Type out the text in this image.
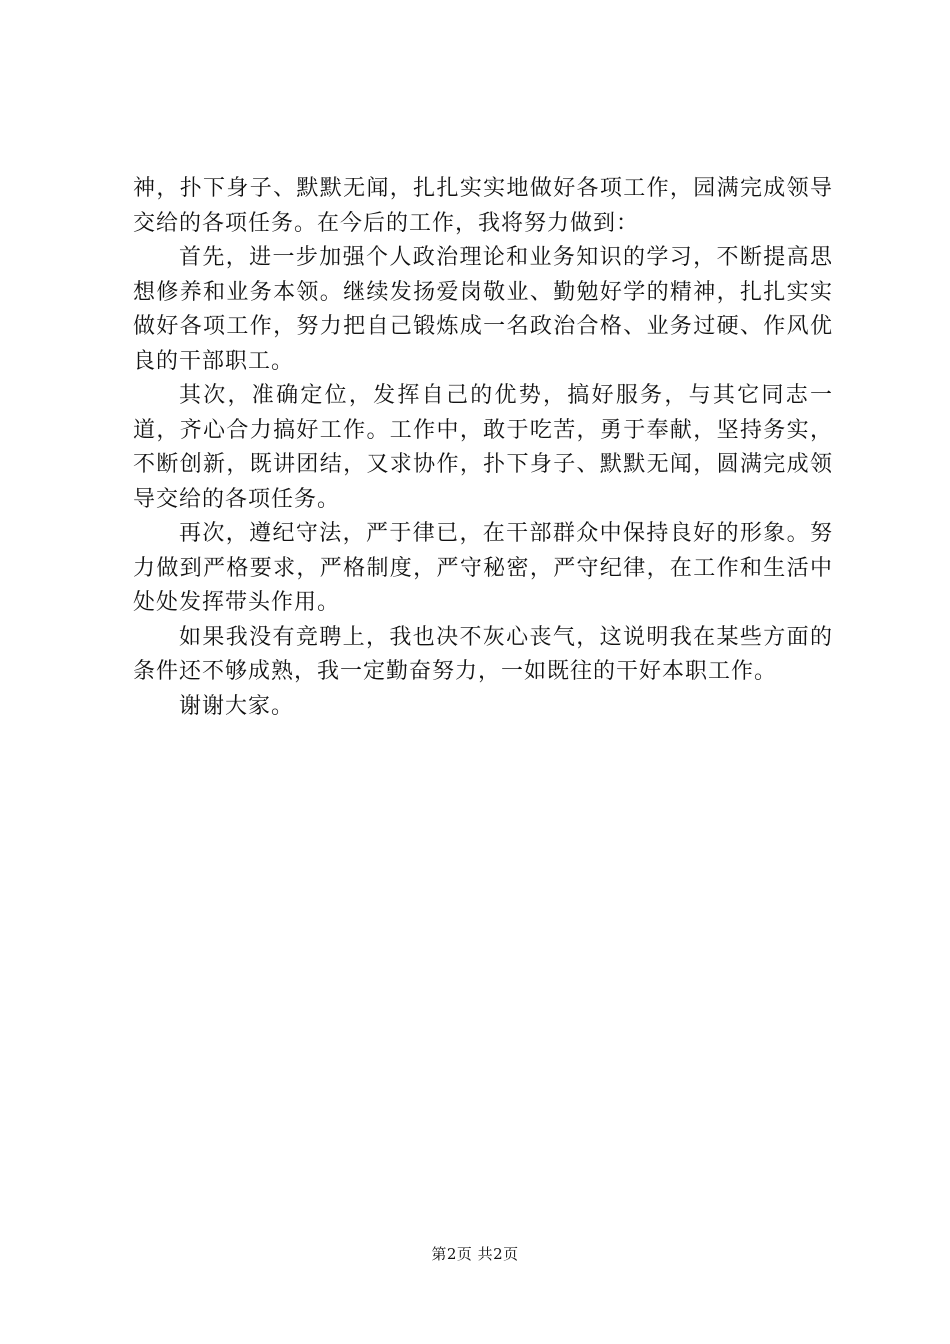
神，扑下身子、默默无闻，扎扎实实地做好各项工作，园满完成领导交给的各项任务。在今后的工作，我将努力做到：

首先，进一步加强个人政治理论和业务知识的学习，不断提高思想修养和业务本领。继续发扬爱岗敬业、勤勉好学的精神，扎扎实实做好各项工作，努力把自己锻炼成一名政治合格、业务过硬、作风优良的干部职工。

其次，准确定位，发挥自己的优势，搞好服务，与其它同志一道，齐心合力搞好工作。工作中，敢于吃苦，勇于奉献，坚持务实，不断创新，既讲团结，又求协作，扑下身子、默默无闻，圆满完成领导交给的各项任务。

再次，遵纪守法，严于律已，在干部群众中保持良好的形象。努力做到严格要求，严格制度，严守秘密，严守纪律，在工作和生活中处处发挥带头作用。

如果我没有竞聘上，我也决不灰心丧气，这说明我在某些方面的条件还不够成熟，我一定勤奋努力，一如既往的干好本职工作。

谢谢大家。

第2页 共2页
